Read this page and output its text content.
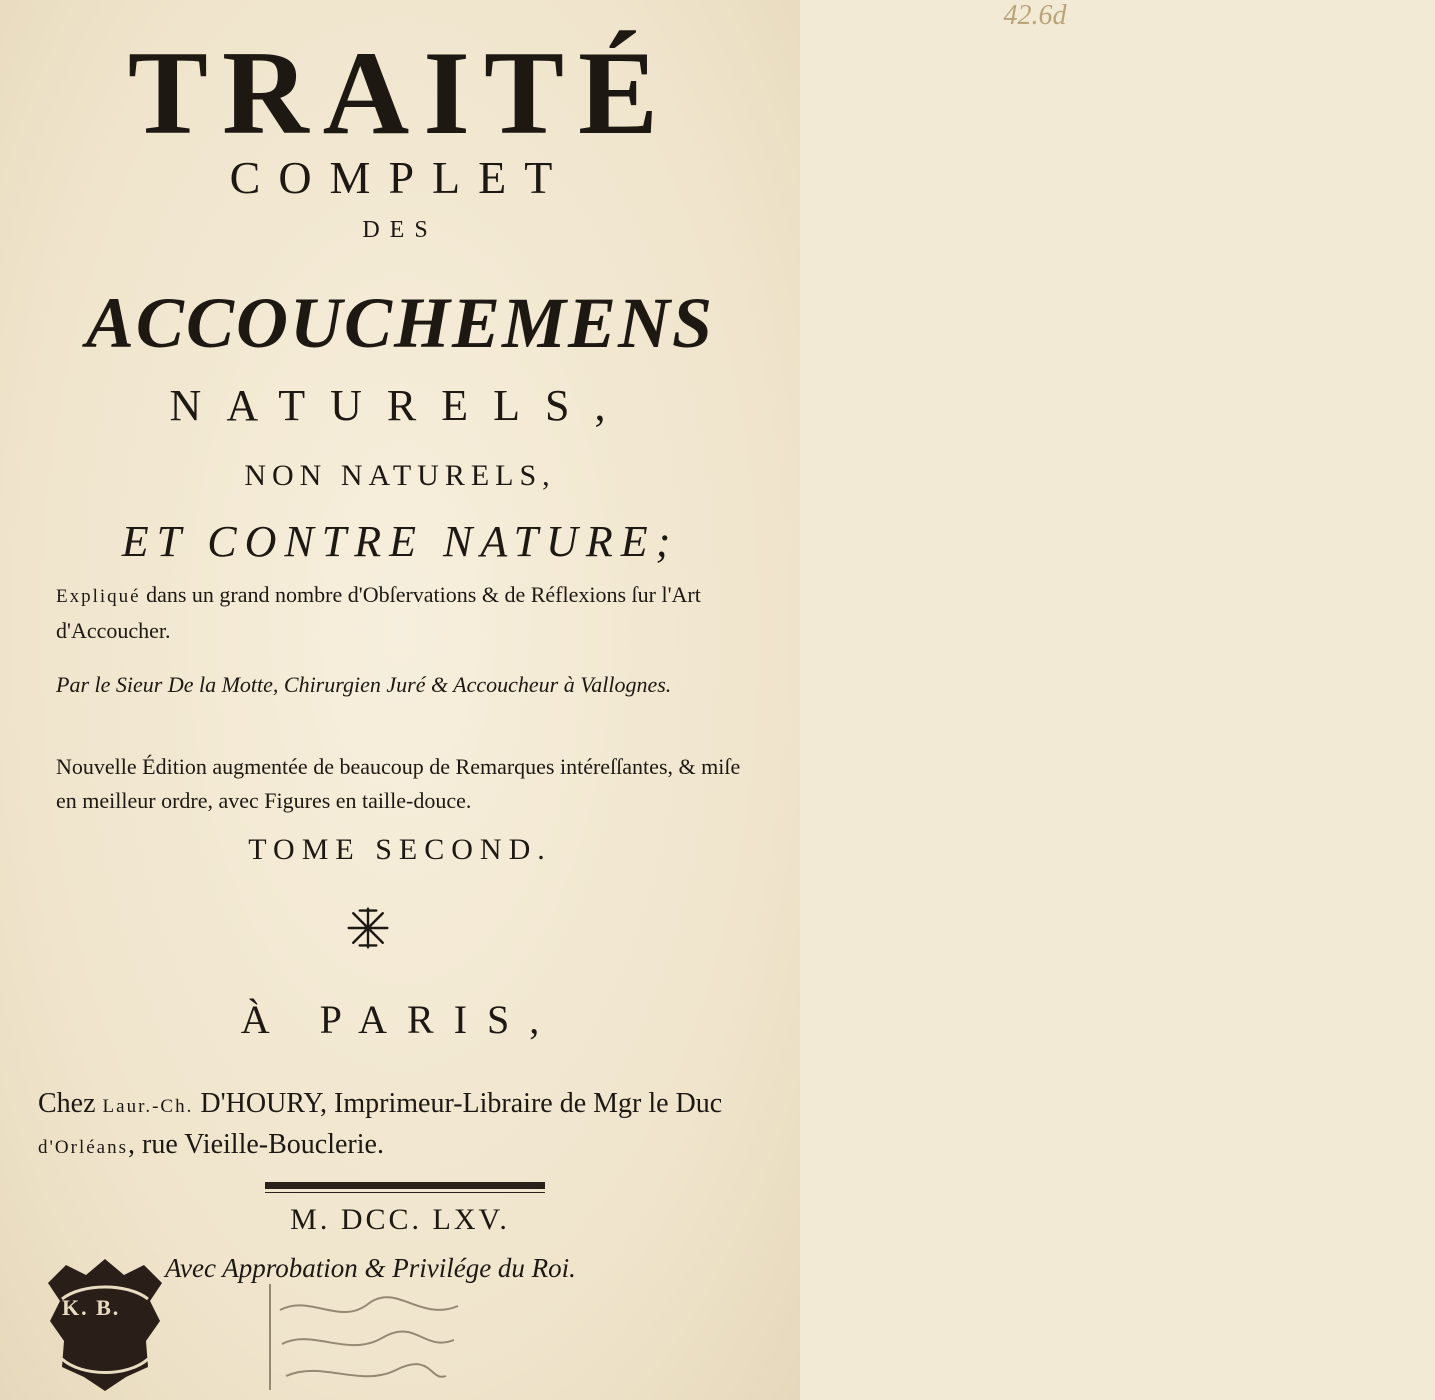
42.6d
TRAITÉ
COMPLET
DES
ACCOUCHEMENS
NATURELS,
NON NATURELS,
ET CONTRE NATURE;
Expliqué dans un grand nombre d'Obſervations & de Réflexions ſur l'Art d'Accoucher.
Par le Sieur De la Motte, Chirurgien Juré & Accoucheur à Vallognes.
Nouvelle Édition augmentée de beaucoup de Remarques intéreſſantes, & miſe en meilleur ordre, avec Figures en taille-douce.
TOME SECOND.
À PARIS,
Chez Laur.-Ch. D'HOURY, Imprimeur-Libraire de Mgr le Duc d'Orléans, rue Vieille-Bouclerie.
M. DCC. LXV.
Avec Approbation & Privilége du Roi.
K. B.
